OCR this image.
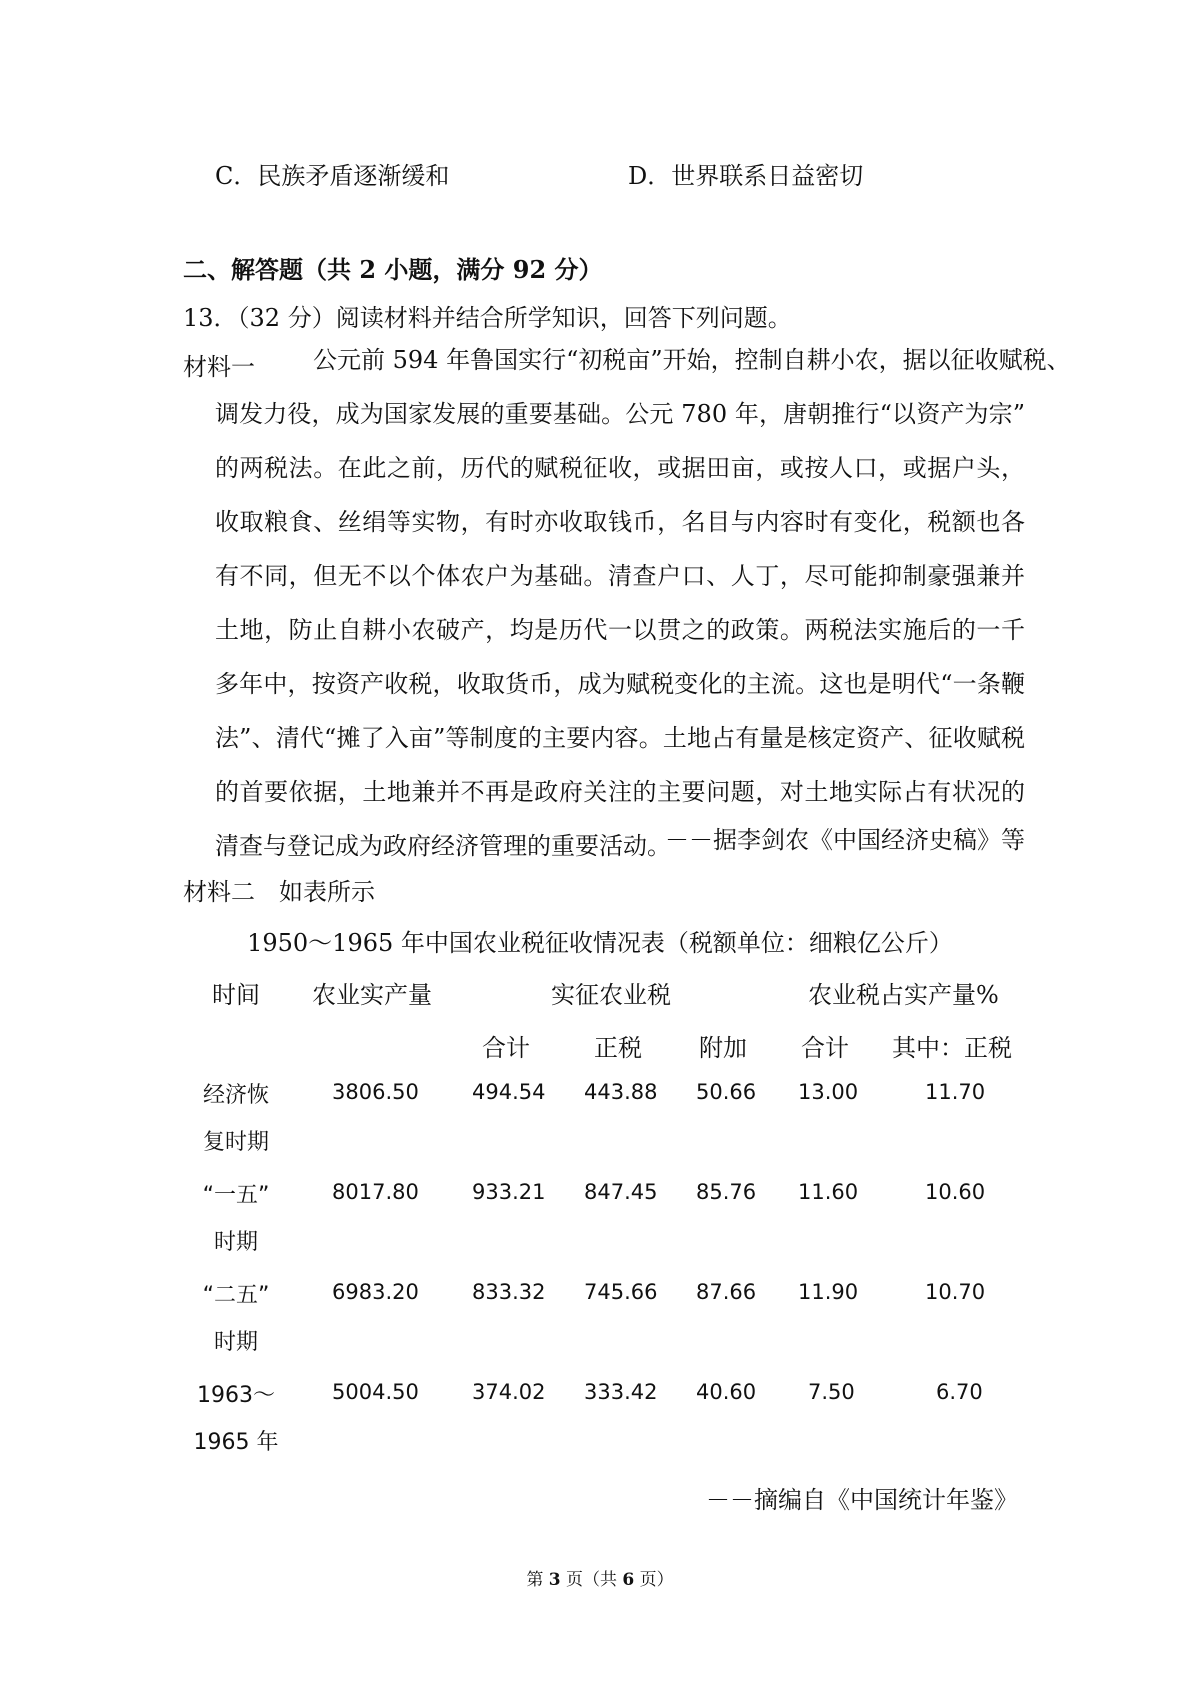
C．民族矛盾逐渐缓和	D．世界联系日益密切
二、解答题（共 2 小题，满分 92 分）
13．（32 分）阅读材料并结合所学知识，回答下列问题。
材料一 公元前 594 年鲁国实行“初税亩”开始，控制自耕小农，据以征收赋税、
调发力役，成为国家发展的重要基础。公元 780 年，唐朝推行“以资产为宗”
的两税法。在此之前，历代的赋税征收，或据田亩，或按人口，或据户头，
收取粮食、丝绢等实物，有时亦收取钱币，名目与内容时有变化，税额也各
有不同，但无不以个体农户为基础。清查户口、人丁，尽可能抑制豪强兼并
土地，防止自耕小农破产，均是历代一以贯之的政策。两税法实施后的一千
多年中，按资产收税，收取货币，成为赋税变化的主流。这也是明代“一条鞭
法”、清代“摊了入亩”等制度的主要内容。土地占有量是核定资产、征收赋税
的首要依据，土地兼并不再是政府关注的主要问题，对土地实际占有状况的
清查与登记成为政府经济管理的重要活动。
－－据李剑农《中国经济史稿》等
材料二　如表所示
1950～1965 年中国农业税征收情况表（税额单位：细粮亿公斤）
时间 农业实产量	实征农业税	农业税占实产量%
合计	正税 附加 合计 其中：正税
经济恢
复时期
3806.50	494.54 443.88 50.66 13.00	11.70
“一五”
时期
8017.80	933.21 847.45 85.76 11.60	10.60
“二五”
时期
6983.20	833.32 745.66 87.66 11.90	10.70
1963～
1965 年
5004.50	374.02 333.42 40.60 7.50	6.70
－－摘编自《中国统计年鉴》
第 3 页（共 6 页）
